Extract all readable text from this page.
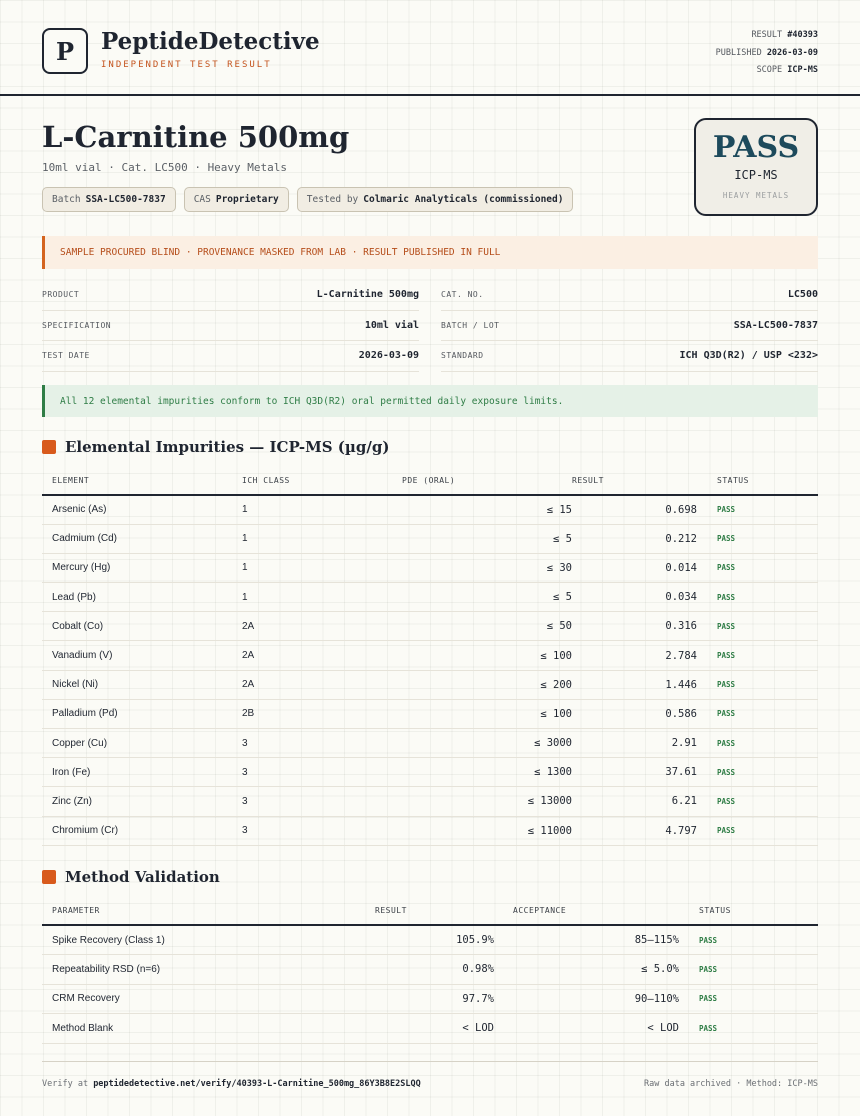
P	PeptideDetective
INDEPENDENT TEST RESULT
RESULT #40393
PUBLISHED 2026-03-09
SCOPE ICP-MS
L-Carnitine 500mg
10ml vial · Cat. LC500 · Heavy Metals
Batch SSA-LC500-7837	CAS Proprietary	Tested by Colmaric Analyticals (commissioned)
PASS
ICP-MS
HEAVY METALS
SAMPLE PROCURED BLIND · PROVENANCE MASKED FROM LAB · RESULT PUBLISHED IN FULL
PRODUCT	L-Carnitine 500mg	CAT. NO.	LC500
SPECIFICATION	10ml vial	BATCH / LOT	SSA-LC500-7837
TEST DATE	2026-03-09	STANDARD	ICH Q3D(R2) / USP <232>
All 12 elemental impurities conform to ICH Q3D(R2) oral permitted daily exposure limits.
Elemental Impurities — ICP-MS (µg/g)
ELEMENT	ICH CLASS	PDE (ORAL)	RESULT	STATUS
Arsenic (As)	1	≤ 15	0.698	PASS
Cadmium (Cd)	1	≤ 5	0.212	PASS
Mercury (Hg)	1	≤ 30	0.014	PASS
Lead (Pb)	1	≤ 5	0.034	PASS
Cobalt (Co)	2A	≤ 50	0.316	PASS
Vanadium (V)	2A	≤ 100	2.784	PASS
Nickel (Ni)	2A	≤ 200	1.446	PASS
Palladium (Pd)	2B	≤ 100	0.586	PASS
Copper (Cu)	3	≤ 3000	2.91	PASS
Iron (Fe)	3	≤ 1300	37.61	PASS
Zinc (Zn)	3	≤ 13000	6.21	PASS
Chromium (Cr)	3	≤ 11000	4.797	PASS
Method Validation
PARAMETER	RESULT	ACCEPTANCE	STATUS
Spike Recovery (Class 1)	105.9%	85–115%	PASS
Repeatability RSD (n=6)	0.98%	≤ 5.0%	PASS
CRM Recovery	97.7%	90–110%	PASS
Method Blank	< LOD	< LOD	PASS
Verify at peptidedetective.net/verify/40393-L-Carnitine_500mg_86Y3B8E2SLQQ	Raw data archived · Method: ICP-MS
